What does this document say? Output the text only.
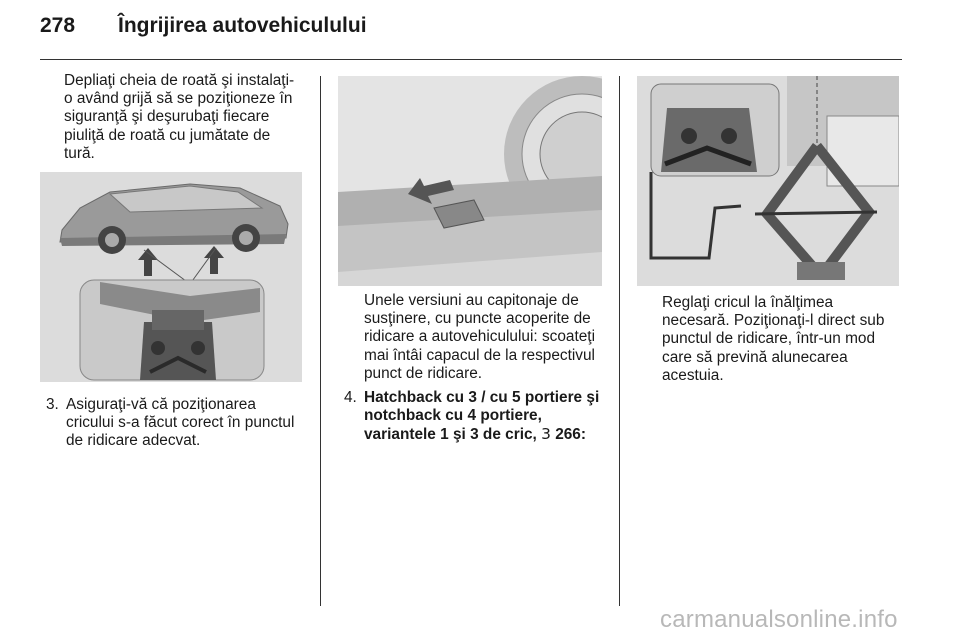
278 Îngrijirea autovehiculului
Depliaţi cheia de roată şi instalaţi-
o având grijă să se poziţioneze în
siguranţă şi deşurubaţi fiecare
piuliţă de roată cu jumătate de
tură.
3. Asiguraţi-vă că poziţionarea
cricului s-a făcut corect în punctul
de ridicare adecvat.
Unele versiuni au capitonaje de
susţinere, cu puncte acoperite de
ridicare a autovehiculului: scoateţi
mai întâi capacul de la respectivul
punct de ridicare.
4. Hatchback cu 3 / cu 5 portiere şi
notchback cu 4 portiere,
variantele 1 şi 3 de cric, 3 266:
Reglaţi cricul la înălţimea
necesară. Poziţionaţi-l direct sub
punctul de ridicare, într-un mod
care să prevină alunecarea
acestuia.
carmanualsonline.info
